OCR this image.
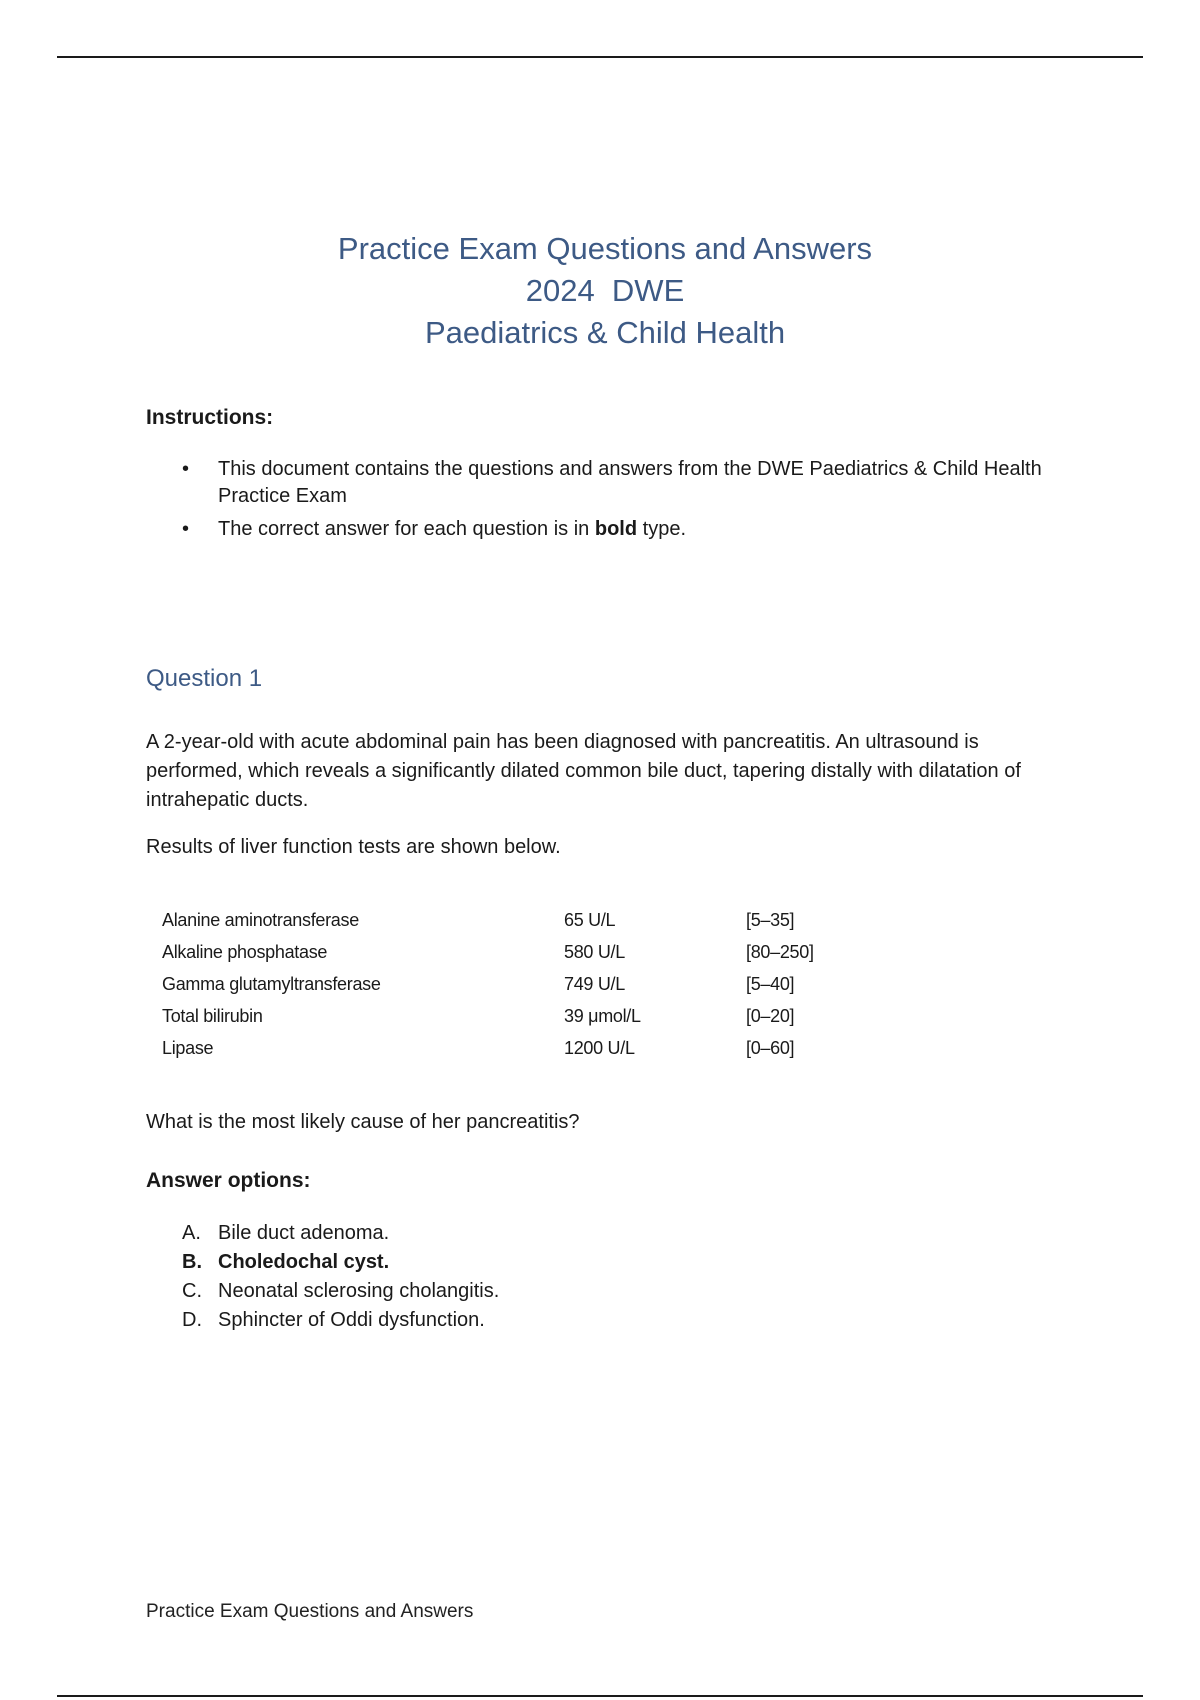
Practice Exam Questions and Answers
2024  DWE
Paediatrics & Child Health
Instructions:
• This document contains the questions and answers from the DWE Paediatrics & Child Health Practice Exam
• The correct answer for each question is in bold type.
Question 1
A 2-year-old with acute abdominal pain has been diagnosed with pancreatitis. An ultrasound is performed, which reveals a significantly dilated common bile duct, tapering distally with dilatation of intrahepatic ducts.
Results of liver function tests are shown below.
Alanine aminotransferase	65 U/L	[5–35]
Alkaline phosphatase	580 U/L	[80–250]
Gamma glutamyltransferase	749 U/L	[5–40]
Total bilirubin	39 μmol/L	[0–20]
Lipase	1200 U/L	[0–60]
What is the most likely cause of her pancreatitis?
Answer options:
A. Bile duct adenoma.
B. Choledochal cyst.
C. Neonatal sclerosing cholangitis.
D. Sphincter of Oddi dysfunction.
Practice Exam Questions and Answers
